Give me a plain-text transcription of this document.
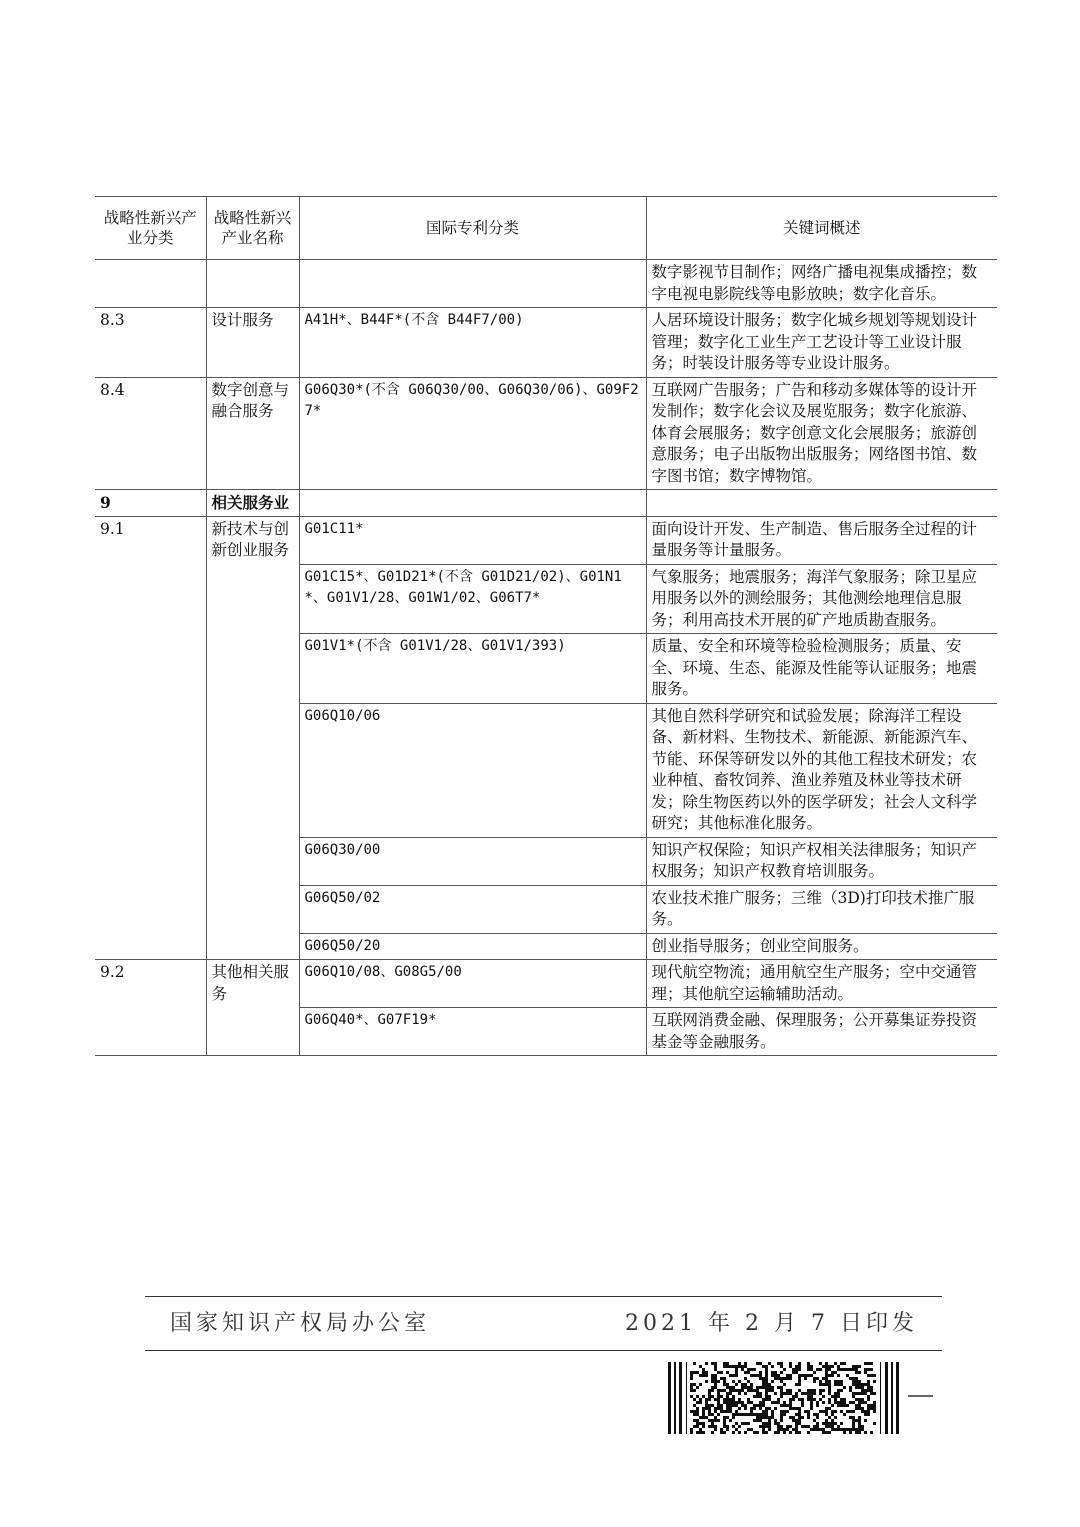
战略性新兴产业分类	战略性新兴产业名称	国际专利分类	关键词概述
			数字影视节目制作；网络广播电视集成播控；数字电视电影院线等电影放映；数字化音乐。
8.3	设计服务	A41H*、B44F*(不含 B44F7/00)	人居环境设计服务；数字化城乡规划等规划设计管理；数字化工业生产工艺设计等工业设计服务；时装设计服务等专业设计服务。
8.4	数字创意与融合服务	G06Q30*(不含 G06Q30/00、G06Q30/06)、G09F27*	互联网广告服务；广告和移动多媒体等的设计开发制作；数字化会议及展览服务；数字化旅游、体育会展服务；数字创意文化会展服务；旅游创意服务；电子出版物出版服务；网络图书馆、数字图书馆；数字博物馆。
9	相关服务业		
9.1	新技术与创新创业服务	G01C11*	面向设计开发、生产制造、售后服务全过程的计量服务等计量服务。
		G01C15*、G01D21*(不含 G01D21/02)、G01N1*、G01V1/28、G01W1/02、G06T7*	气象服务；地震服务；海洋气象服务；除卫星应用服务以外的测绘服务；其他测绘地理信息服务；利用高技术开展的矿产地质勘查服务。
		G01V1*(不含 G01V1/28、G01V1/393)	质量、安全和环境等检验检测服务；质量、安全、环境、生态、能源及性能等认证服务；地震服务。
		G06Q10/06	其他自然科学研究和试验发展；除海洋工程设备、新材料、生物技术、新能源、新能源汽车、节能、环保等研发以外的其他工程技术研发；农业种植、畜牧饲养、渔业养殖及林业等技术研发；除生物医药以外的医学研发；社会人文科学研究；其他标准化服务。
		G06Q30/00	知识产权保险；知识产权相关法律服务；知识产权服务；知识产权教育培训服务。
		G06Q50/02	农业技术推广服务；三维（3D)打印技术推广服务。
		G06Q50/20	创业指导服务；创业空间服务。
9.2	其他相关服务	G06Q10/08、G08G5/00	现代航空物流；通用航空生产服务；空中交通管理；其他航空运输辅助活动。
		G06Q40*、G07F19*	互联网消费金融、保理服务；公开募集证券投资基金等金融服务。
国家知识产权局办公室	2021 年 2 月 7 日印发
